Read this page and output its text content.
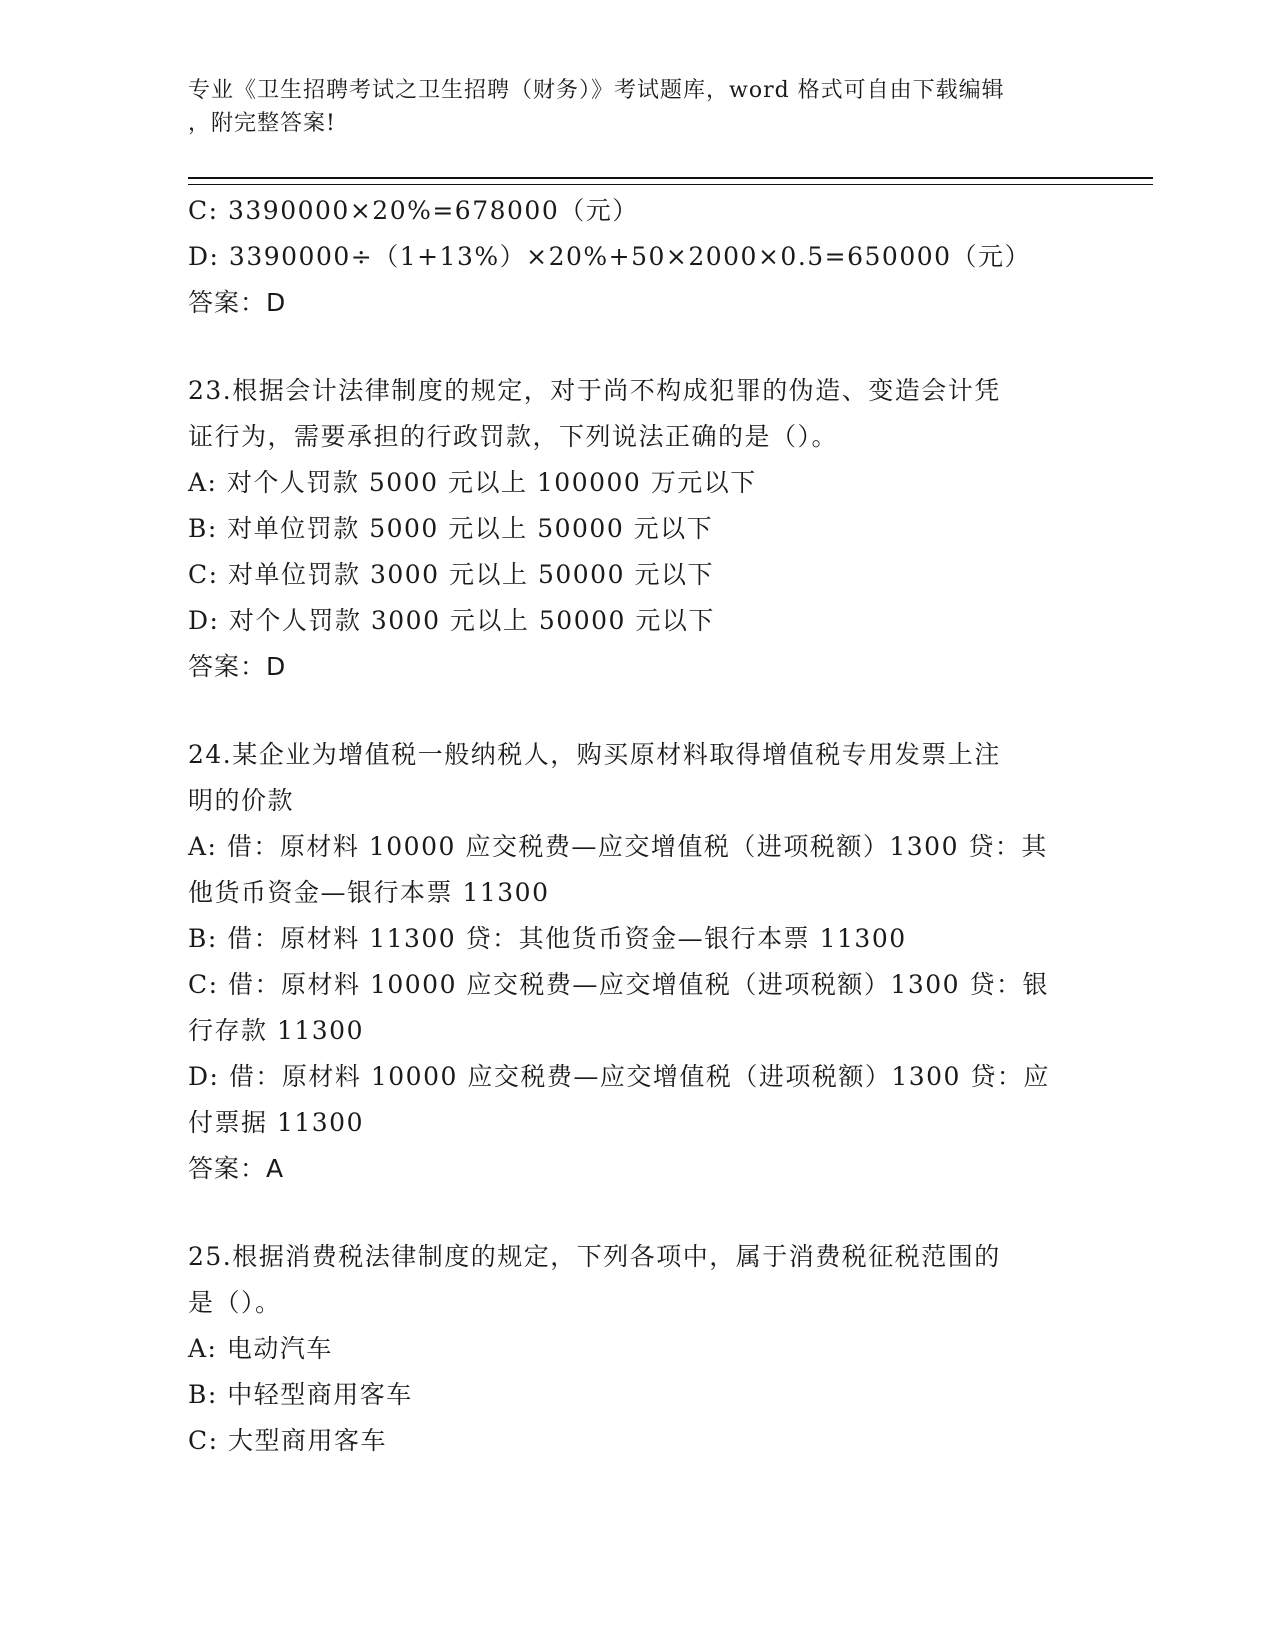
专业《卫生招聘考试之卫生招聘（财务）》考试题库，word 格式可自由下载编辑
，附完整答案!
C: 3390000×20%=678000（元）
D: 3390000÷（1+13%）×20%+50×2000×0.5=650000（元）
答案：D
23.根据会计法律制度的规定，对于尚不构成犯罪的伪造、变造会计凭
证行为，需要承担的行政罚款，下列说法正确的是（）。
A: 对个人罚款 5000 元以上 100000 万元以下
B: 对单位罚款 5000 元以上 50000 元以下
C: 对单位罚款 3000 元以上 50000 元以下
D: 对个人罚款 3000 元以上 50000 元以下
答案：D
24.某企业为增值税一般纳税人，购买原材料取得增值税专用发票上注
明的价款
A: 借：原材料 10000 应交税费—应交增值税（进项税额）1300 贷：其
他货币资金—银行本票 11300
B: 借：原材料 11300 贷：其他货币资金—银行本票 11300
C: 借：原材料 10000 应交税费—应交增值税（进项税额）1300 贷：银
行存款 11300
D: 借：原材料 10000 应交税费—应交增值税（进项税额）1300 贷：应
付票据 11300
答案：A
25.根据消费税法律制度的规定，下列各项中，属于消费税征税范围的
是（）。
A: 电动汽车
B: 中轻型商用客车
C: 大型商用客车
